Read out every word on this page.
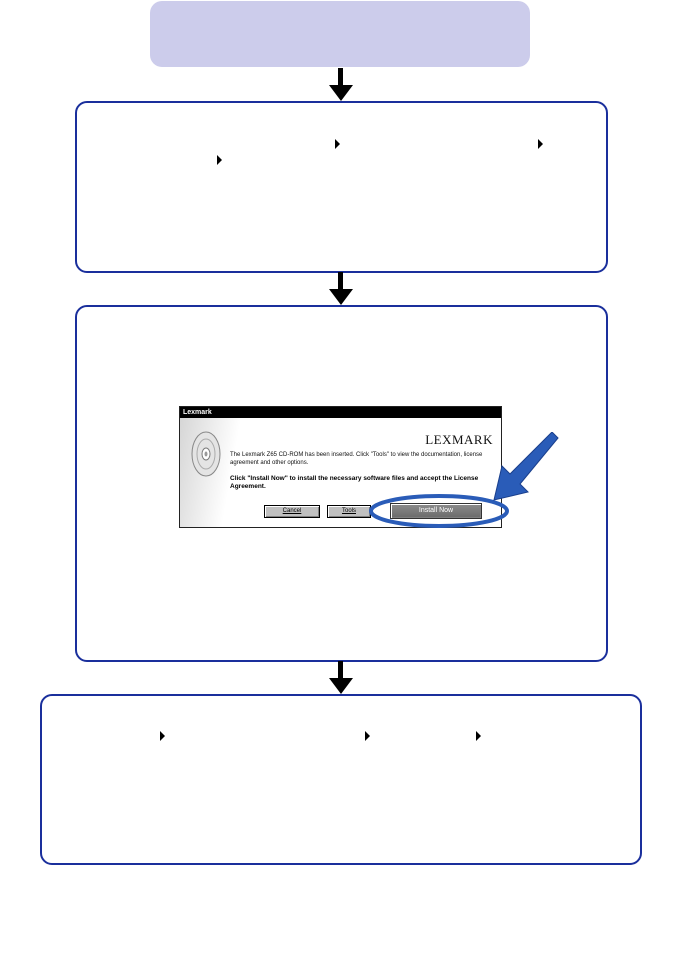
Lexmark
LEXMARK
The Lexmark Z65 CD-ROM has been inserted. Click "Tools" to view the documentation, license agreement and other options.
Click "Install Now" to install the necessary software files and accept the License Agreement.
Cancel	Tools	Install Now
